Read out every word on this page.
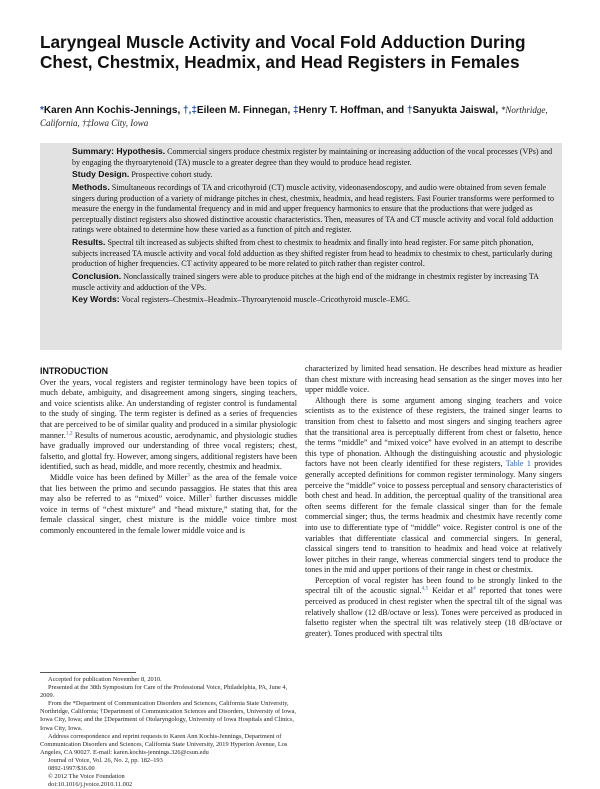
Laryngeal Muscle Activity and Vocal Fold Adduction During Chest, Chestmix, Headmix, and Head Registers in Females
*Karen Ann Kochis-Jennings, †,‡Eileen M. Finnegan, ‡Henry T. Hoffman, and †Sanyukta Jaiswal, *Northridge, California, †‡Iowa City, Iowa

Summary: Hypothesis. Commercial singers produce chestmix register by maintaining or increasing adduction of the vocal processes (VPs) and by engaging the thyroarytenoid (TA) muscle to a greater degree than they would to produce head register.

Study Design. Prospective cohort study.

Methods. Simultaneous recordings of TA and cricothyroid (CT) muscle activity, videonasendoscopy, and audio were obtained from seven female singers during production of a variety of midrange pitches in chest, chestmix, headmix, and head registers. Fast Fourier transforms were performed to measure the energy in the fundamental frequency and in mid and upper frequency harmonics to ensure that the productions that were judged as perceptually distinct registers also showed distinctive acoustic characteristics. Then, measures of TA and CT muscle activity and vocal fold adduction ratings were obtained to determine how these varied as a function of pitch and register.

Results. Spectral tilt increased as subjects shifted from chest to chestmix to headmix and finally into head register. For same pitch phonation, subjects increased TA muscle activity and vocal fold adduction as they shifted register from head to headmix to chestmix to chest, particularly during production of higher frequencies. CT activity appeared to be more related to pitch rather than register control.

Conclusion. Nonclassically trained singers were able to produce pitches at the high end of the midrange in chestmix register by increasing TA muscle activity and adduction of the VPs.

Key Words: Vocal registers–Chestmix–Headmix–Thyroarytenoid muscle–Cricothyroid muscle–EMG.

INTRODUCTION

Over the years, vocal registers and register terminology have been topics of much debate, ambiguity, and disagreement among singers, singing teachers, and voice scientists alike. An understanding of register control is fundamental to the study of singing. The term register is defined as a series of frequencies that are perceived to be of similar quality and produced in a similar physiologic manner.$^{1,2}$ Results of numerous acoustic, aerodynamic, and physiologic studies have gradually improved our understanding of three vocal registers; chest, falsetto, and glottal fry. However, among singers, additional registers have been identified, such as head, middle, and more recently, chestmix and headmix.

Middle voice has been defined by Miller$^3$ as the area of the female voice that lies between the primo and secundo passaggios. He states that this area may also be referred to as “mixed” voice. Miller$^3$ further discusses middle voice in terms of “chest mixture” and “head mixture,” stating that, for the female classical singer, chest mixture is the middle voice timbre most commonly encountered in the female lower middle voice and is

characterized by limited head sensation. He describes head mixture as headier than chest mixture with increasing head sensation as the singer moves into her upper middle voice.

Although there is some argument among singing teachers and voice scientists as to the existence of these registers, the trained singer learns to transition from chest to falsetto and most singers and singing teachers agree that the transitional area is perceptually different from chest or falsetto, hence the terms “middle” and “mixed voice” have evolved in an attempt to describe this type of phonation. Although the distinguishing acoustic and physiologic factors have not been clearly identified for these registers, Table 1 provides generally accepted definitions for common register terminology. Many singers perceive the “middle” voice to possess perceptual and sensory characteristics of both chest and head. In addition, the perceptual quality of the transitional area often seems different for the female classical singer than for the female commercial singer; thus, the terms headmix and chestmix have recently come into use to differentiate type of “middle” voice. Register control is one of the variables that differentiate classical and commercial singers. In general, classical singers tend to transition to headmix and head voice at relatively lower pitches in their range, whereas commercial singers tend to produce the tones in the mid and upper portions of their range in chest or chestmix.

Perception of vocal register has been found to be strongly linked to the spectral tilt of the acoustic signal.$^{4,5}$ Keidar et $al^4$ reported that tones were perceived as produced in chest register when the spectral tilt of the signal was relatively shallow (12 dB/octave or less). Tones were perceived as produced in falsetto register when the spectral tilt was relatively steep (18 dB/octave or greater). Tones produced with spectral tilts

Accepted for publication November 8, 2010.

Presented at the 38th Symposium for Care of the Professional Voice, Philadelphia, PA, June 4, 2009.

From the *Department of Communication Disorders and Sciences, California State University, Northridge, California; †Department of Communication Sciences and Disorders, University of Iowa, Iowa City, Iowa; and the ‡Department of Otolaryngology, University of Iowa Hospitals and Clinics, Iowa City, Iowa.

Address correspondence and reprint requests to Karen Ann Kochis-Jennings, Department of Communication Disorders and Sciences, California State University, 2019 Hyperion Avenue, Los Angeles, CA 90027. E-mail: karen.kochis-jennings.326@csun.edu

Journal of Voice, Vol. 26, No. 2, pp. 182–193

0892-1997/$36.00

© 2012 The Voice Foundation

doi:10.1016/j.jvoice.2010.11.002
